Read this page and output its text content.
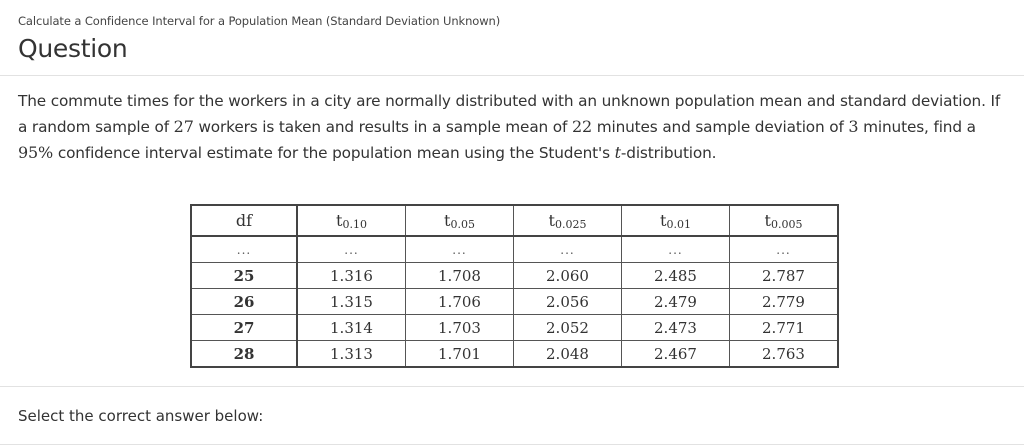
Calculate a Confidence Interval for a Population Mean (Standard Deviation Unknown)
Question
The commute times for the workers in a city are normally distributed with an unknown population mean and standard deviation. If a random sample of 27 workers is taken and results in a sample mean of 22 minutes and sample deviation of 3 minutes, find a 95% confidence interval estimate for the population mean using the Student's t-distribution.
df	$t_{0.10}$	$t_{0.05}$	$t_{0.025}$	$t_{0.01}$	$t_{0.005}$
...	...	...	...	...	...
25	1.316	1.708	2.060	2.485	2.787
26	1.315	1.706	2.056	2.479	2.779
27	1.314	1.703	2.052	2.473	2.771
28	1.313	1.701	2.048	2.467	2.763
Select the correct answer below:
